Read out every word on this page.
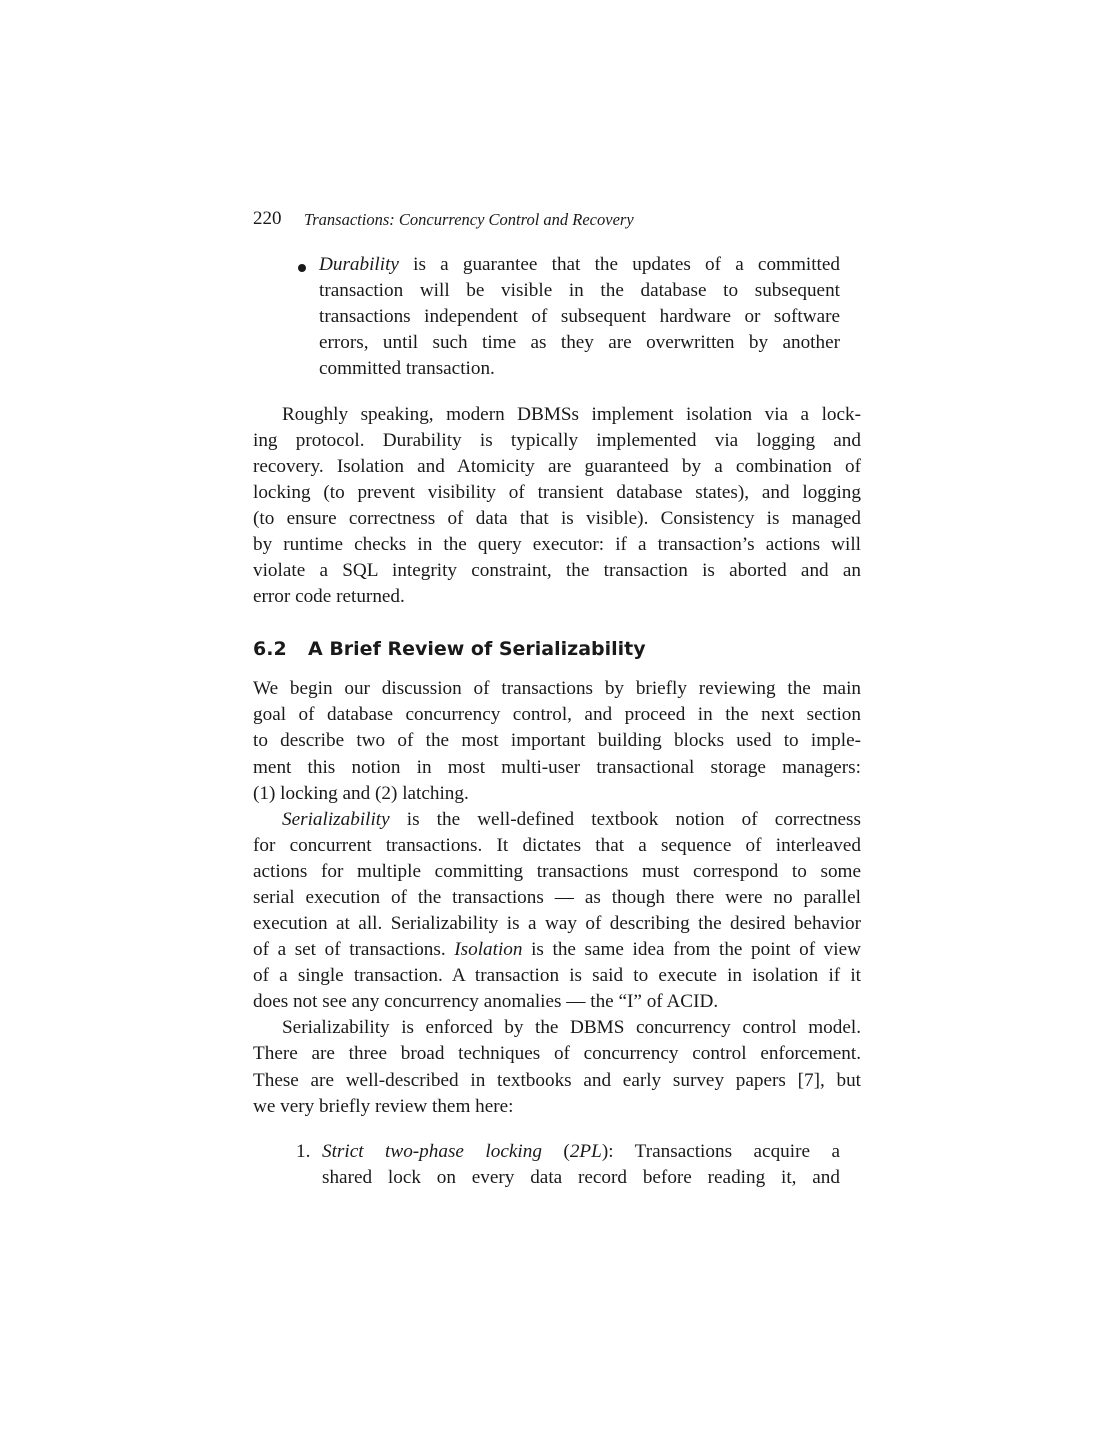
220 Transactions: Concurrency Control and Recovery
Durability is a guarantee that the updates of a committed
transaction will be visible in the database to subsequent
transactions independent of subsequent hardware or software
errors, until such time as they are overwritten by another
committed transaction.
Roughly speaking, modern DBMSs implement isolation via a lock-
ing protocol. Durability is typically implemented via logging and
recovery. Isolation and Atomicity are guaranteed by a combination of
locking (to prevent visibility of transient database states), and logging
(to ensure correctness of data that is visible). Consistency is managed
by runtime checks in the query executor: if a transaction’s actions will
violate a SQL integrity constraint, the transaction is aborted and an
error code returned.
6.2 A Brief Review of Serializability
We begin our discussion of transactions by briefly reviewing the main
goal of database concurrency control, and proceed in the next section
to describe two of the most important building blocks used to imple-
ment this notion in most multi-user transactional storage managers:
(1) locking and (2) latching.
Serializability is the well-defined textbook notion of correctness
for concurrent transactions. It dictates that a sequence of interleaved
actions for multiple committing transactions must correspond to some
serial execution of the transactions — as though there were no parallel
execution at all. Serializability is a way of describing the desired behavior
of a set of transactions. Isolation is the same idea from the point of view
of a single transaction. A transaction is said to execute in isolation if it
does not see any concurrency anomalies — the “I” of ACID.
Serializability is enforced by the DBMS concurrency control model.
There are three broad techniques of concurrency control enforcement.
These are well-described in textbooks and early survey papers [7], but
we very briefly review them here:
1. Strict two-phase locking (2PL): Transactions acquire a
shared lock on every data record before reading it, and
